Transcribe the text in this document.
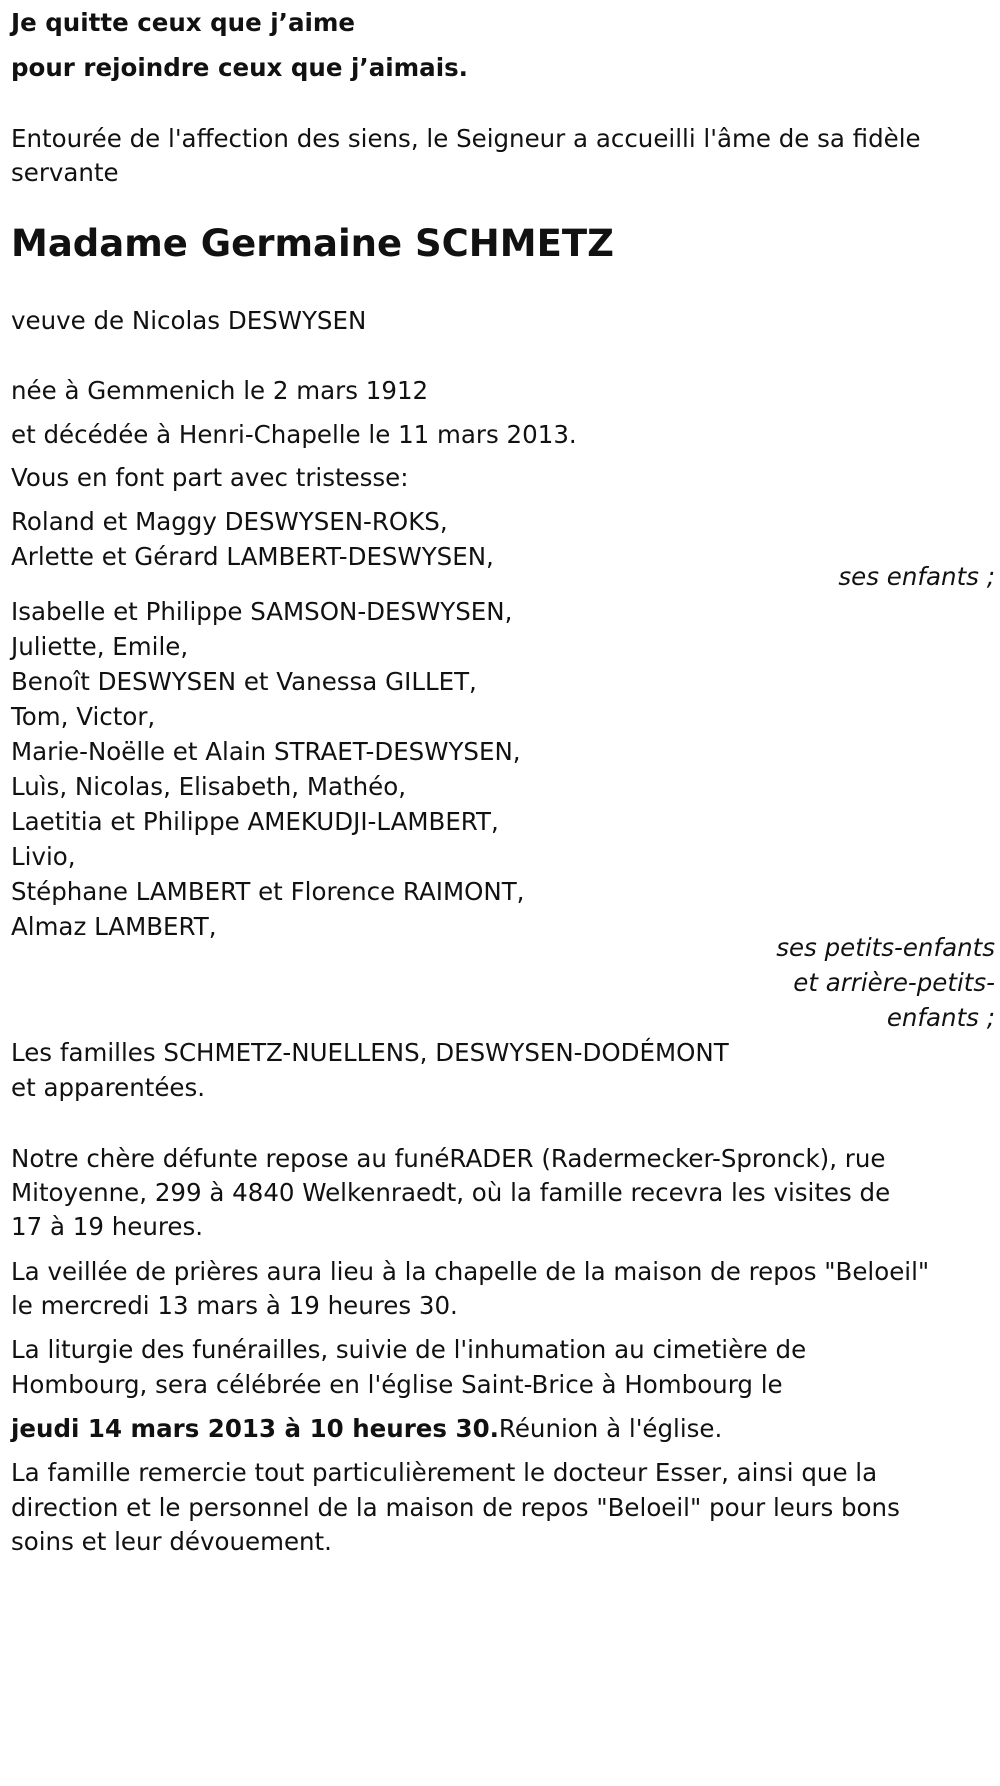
Je quitte ceux que j’aime
pour rejoindre ceux que j’aimais.
Entourée de l'affection des siens, le Seigneur a accueilli l'âme de sa fidèle
servante
Madame Germaine SCHMETZ
veuve de Nicolas DESWYSEN
née à Gemmenich le 2 mars 1912
et décédée à Henri-Chapelle le 11 mars 2013.
Vous en font part avec tristesse:
Roland et Maggy DESWYSEN-ROKS,
Arlette et Gérard LAMBERT-DESWYSEN,
ses enfants ;
Isabelle et Philippe SAMSON-DESWYSEN,
Juliette, Emile,
Benoît DESWYSEN et Vanessa GILLET,
Tom, Victor,
Marie-Noëlle et Alain STRAET-DESWYSEN,
Luìs, Nicolas, Elisabeth, Mathéo,
Laetitia et Philippe AMEKUDJI-LAMBERT,
Livio,
Stéphane LAMBERT et Florence RAIMONT,
Almaz LAMBERT,
ses petits-enfants
et arrière-petits-
enfants ;
Les familles SCHMETZ-NUELLENS, DESWYSEN-DODÉMONT
et apparentées.
Notre chère défunte repose au funéRADER (Radermecker-Spronck), rue
Mitoyenne, 299 à 4840 Welkenraedt, où la famille recevra les visites de
17 à 19 heures.
La veillée de prières aura lieu à la chapelle de la maison de repos "Beloeil"
le mercredi 13 mars à 19 heures 30.
La liturgie des funérailles, suivie de l'inhumation au cimetière de
Hombourg, sera célébrée en l'église Saint-Brice à Hombourg le
jeudi 14 mars 2013 à 10 heures 30.Réunion à l'église.
La famille remercie tout particulièrement le docteur Esser, ainsi que la
direction et le personnel de la maison de repos "Beloeil" pour leurs bons
soins et leur dévouement.
